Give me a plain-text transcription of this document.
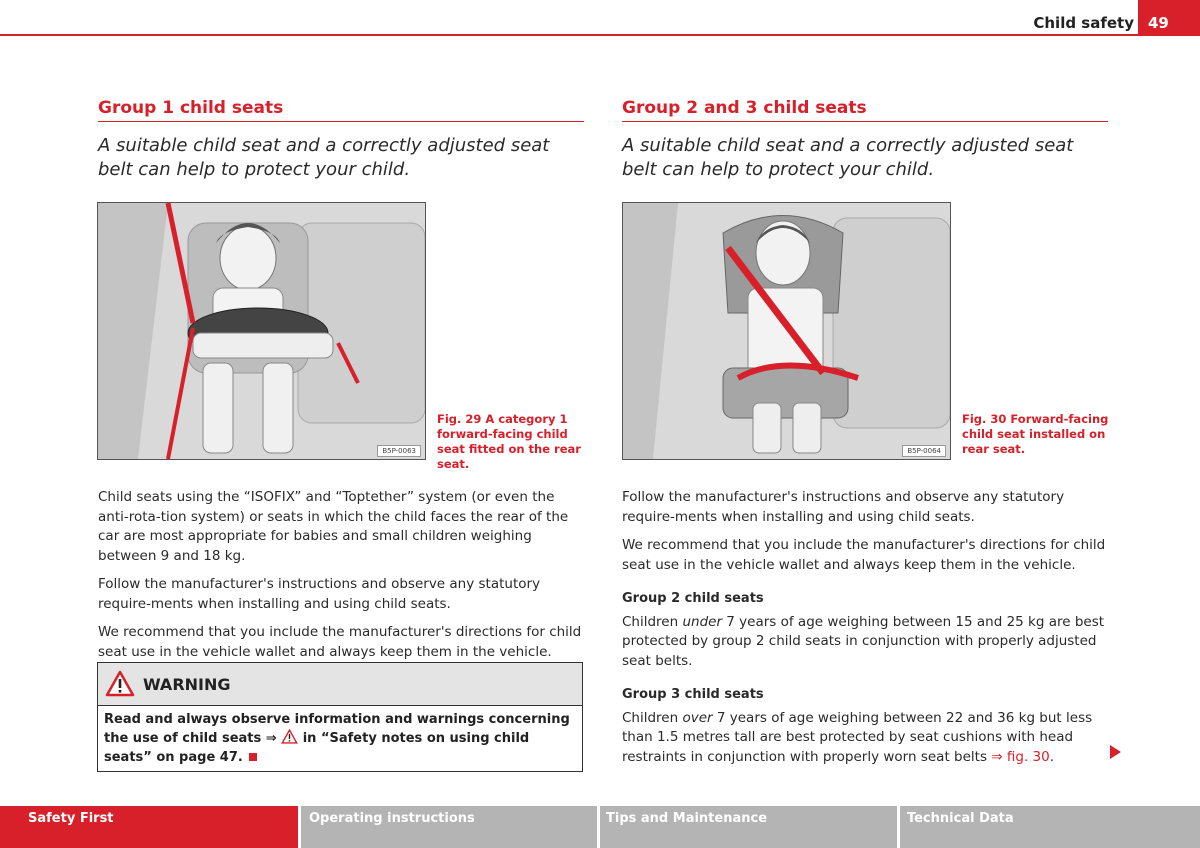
Child safety 49
Group 1 child seats

A suitable child seat and a correctly adjusted seat belt can help to protect your child.

B5P-0063
Fig. 29 A category 1 forward-facing child seat fitted on the rear seat.

Child seats using the “ISOFIX” and “Toptether” system (or even the anti-rota-tion system) or seats in which the child faces the rear of the car are most appropriate for babies and small children weighing between 9 and 18 kg.

Follow the manufacturer's instructions and observe any statutory require-ments when installing and using child seats.

We recommend that you include the manufacturer's directions for child seat use in the vehicle wallet and always keep them in the vehicle.

WARNING
Read and always observe information and warnings concerning the use of child seats ⇒  in “Safety notes on using child seats” on page 47.
Group 2 and 3 child seats

A suitable child seat and a correctly adjusted seat belt can help to protect your child.

B5P-0064
Fig. 30 Forward-facing child seat installed on rear seat.

Follow the manufacturer's instructions and observe any statutory require-ments when installing and using child seats.

We recommend that you include the manufacturer's directions for child seat use in the vehicle wallet and always keep them in the vehicle.

Group 2 child seats

Children under 7 years of age weighing between 15 and 25 kg are best protected by group 2 child seats in conjunction with properly adjusted seat belts.

Group 3 child seats

Children over 7 years of age weighing between 22 and 36 kg but less than 1.5 metres tall are best protected by seat cushions with head restraints in conjunction with properly worn seat belts ⇒ fig. 30.

Safety First	Operating instructions	Tips and Maintenance	Technical Data
